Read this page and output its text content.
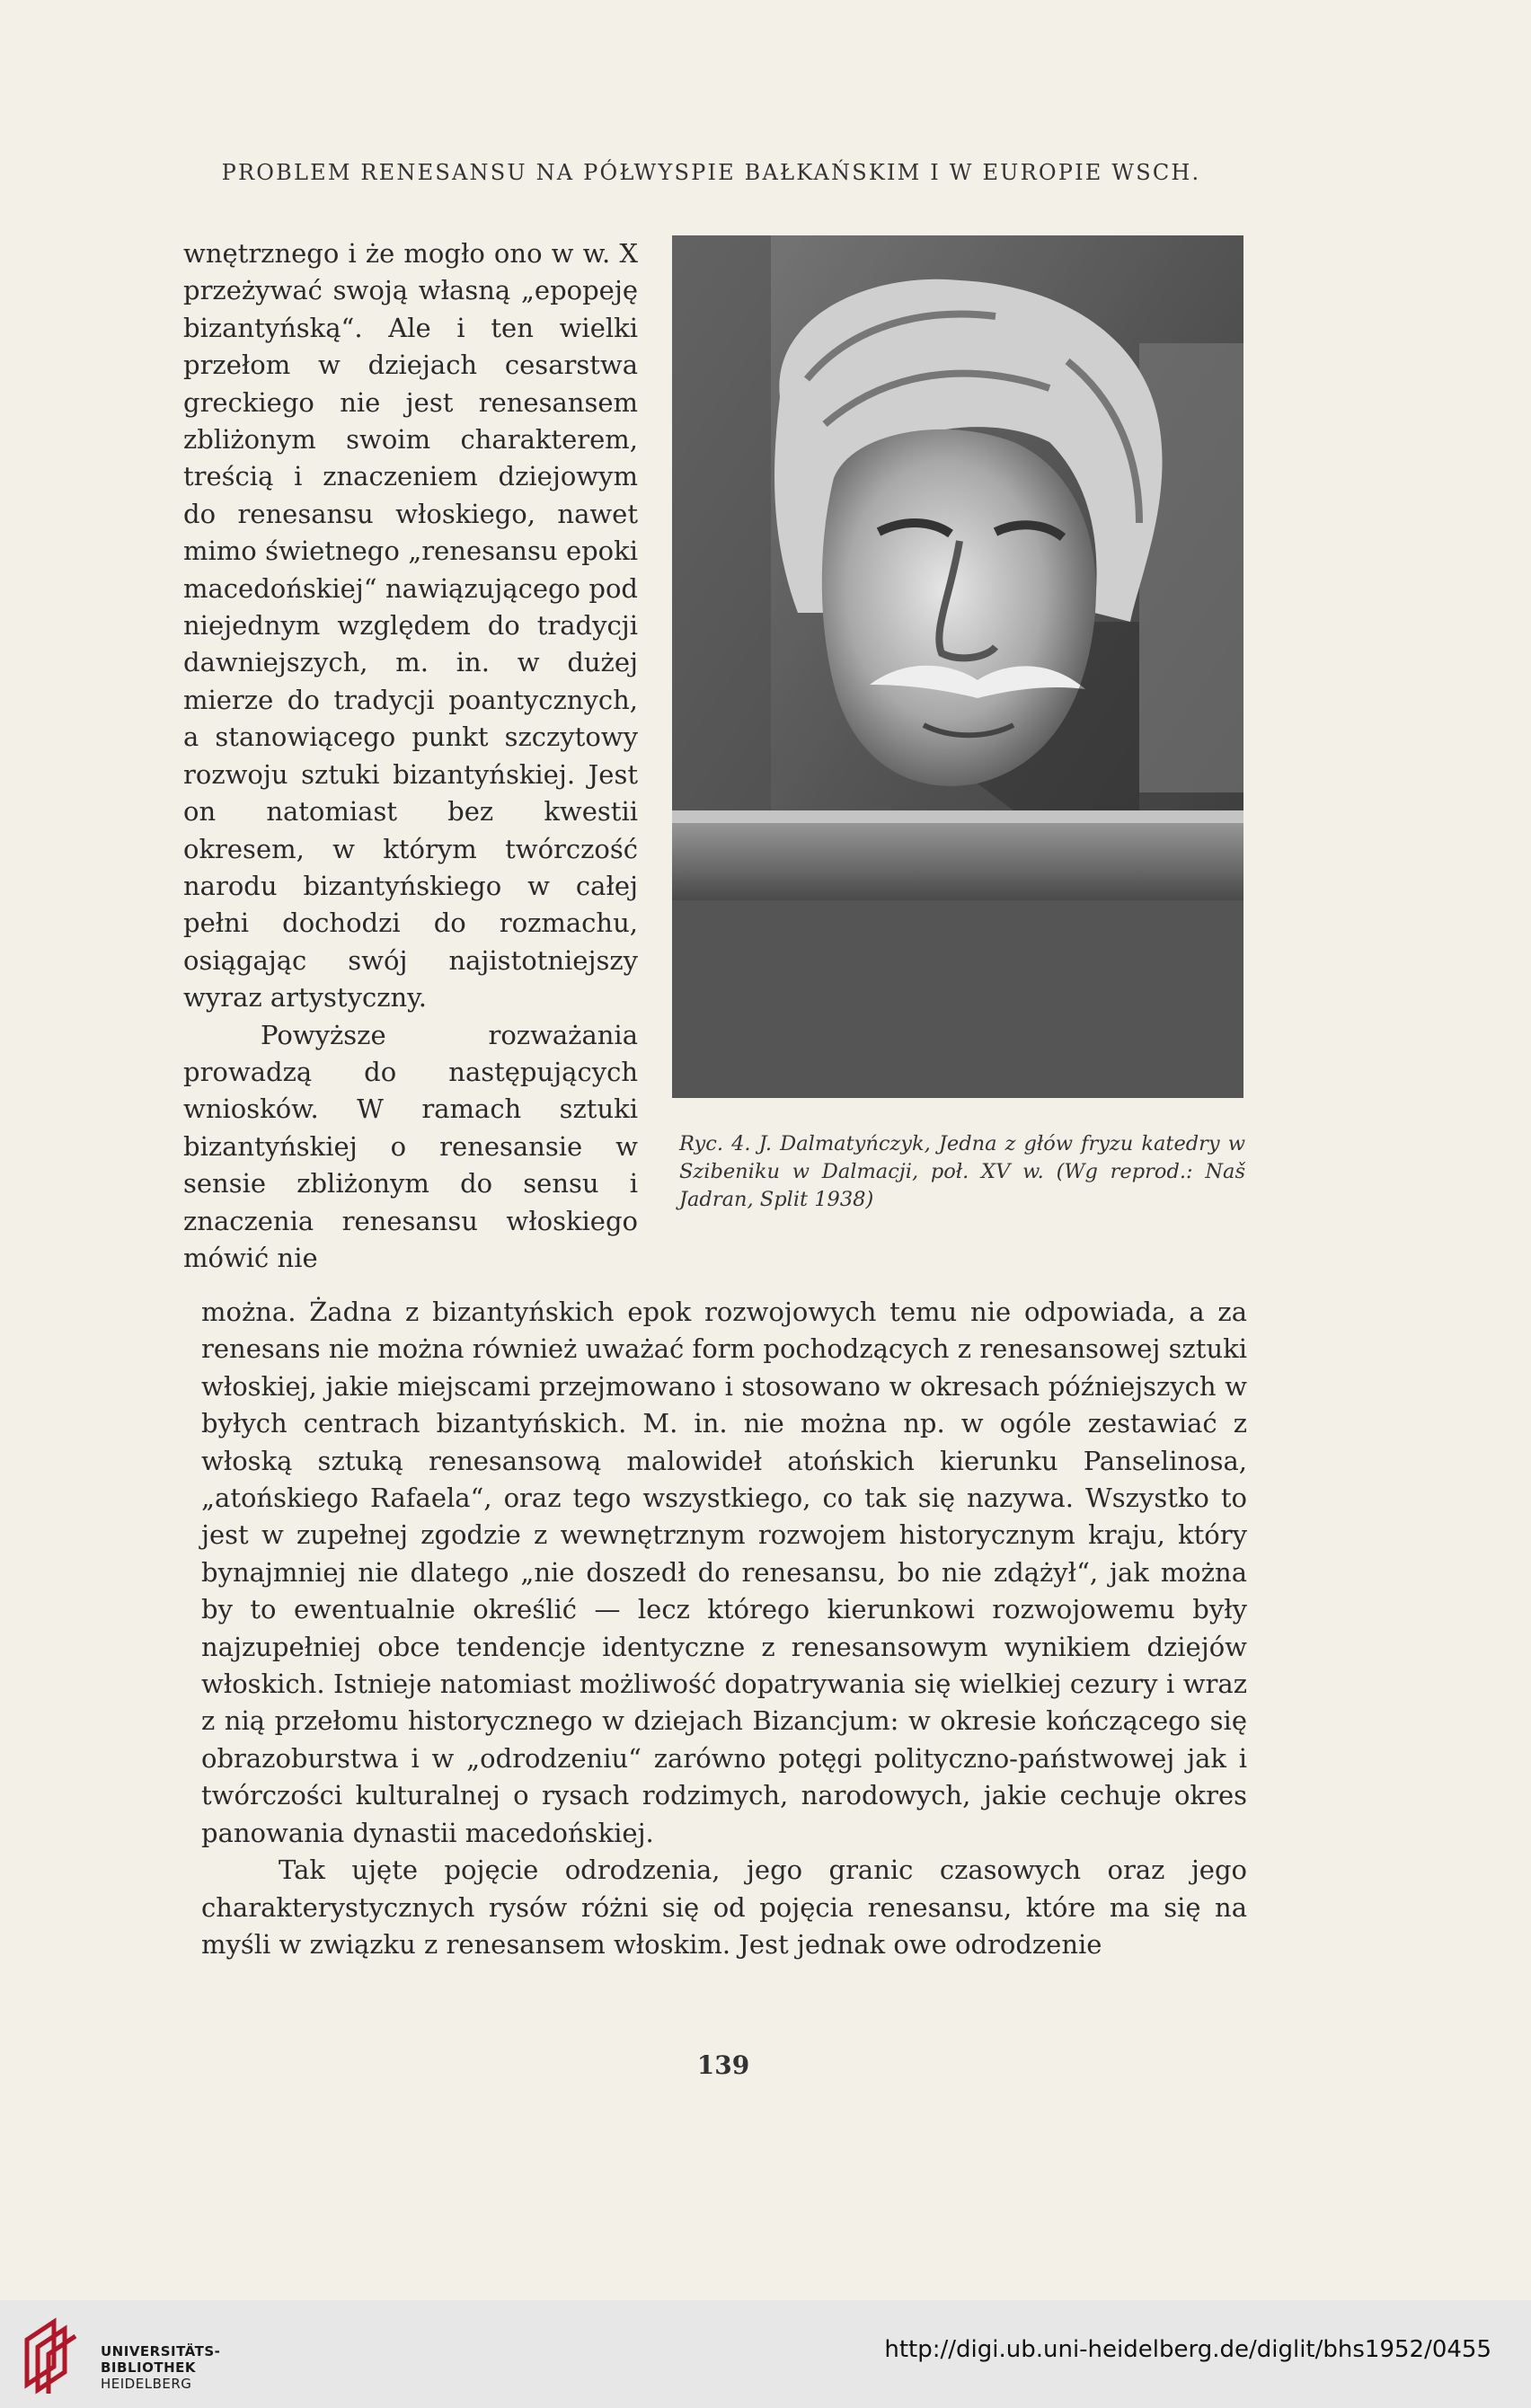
PROBLEM RENESANSU NA PÓŁWYSPIE BAŁKAŃSKIM I W EUROPIE WSCH.

wnętrznego i że mogło ono w w. X przeżywać swoją własną „epopeję bizantyńską“. Ale i ten wielki przełom w dziejach cesarstwa greckiego nie jest renesansem zbliżonym swoim charakterem, treścią i znaczeniem dziejowym do renesansu włoskiego, nawet mimo świetnego „renesansu epoki macedońskiej“ nawiązującego pod niejednym względem do tradycji dawniejszych, m. in. w dużej mierze do tradycji poantycznych, a stanowiącego punkt szczytowy rozwoju sztuki bizantyńskiej. Jest on natomiast bez kwestii okresem, w którym twórczość narodu bizantyńskiego w całej pełni dochodzi do rozmachu, osiągając swój najistotniejszy wyraz artystyczny.

Powyższe rozważania prowadzą do następujących wniosków. W ramach sztuki bizantyńskiej o renesansie w sensie zbliżonym do sensu i znaczenia renesansu włoskiego mówić nie

Ryc. 4. J. Dalmatyńczyk, Jedna z głów fryzu katedry w Szibeniku w Dalmacji, poł. XV w. (Wg reprod.: Naš Jadran, Split 1938)

można. Żadna z bizantyńskich epok rozwojowych temu nie odpowiada, a za renesans nie można również uważać form pochodzących z renesansowej sztuki włoskiej, jakie miejscami przejmowano i stosowano w okresach późniejszych w byłych centrach bizantyńskich. M. in. nie można np. w ogóle zestawiać z włoską sztuką renesansową malowideł atońskich kierunku Panselinosa, „atońskiego Rafaela“, oraz tego wszystkiego, co tak się nazywa. Wszystko to jest w zupełnej zgodzie z wewnętrznym rozwojem historycznym kraju, który bynajmniej nie dlatego „nie doszedł do renesansu, bo nie zdążył“, jak można by to ewentualnie określić — lecz którego kierunkowi rozwojowemu były najzupełniej obce tendencje identyczne z renesansowym wynikiem dziejów włoskich. Istnieje natomiast możliwość dopatrywania się wielkiej cezury i wraz z nią przełomu historycznego w dziejach Bizancjum: w okresie kończącego się obrazoburstwa i w „odrodzeniu“ zarówno potęgi polityczno-państwowej jak i twórczości kulturalnej o rysach rodzimych, narodowych, jakie cechuje okres panowania dynastii macedońskiej.

Tak ujęte pojęcie odrodzenia, jego granic czasowych oraz jego charakterystycznych rysów różni się od pojęcia renesansu, które ma się na myśli w związku z renesansem włoskim. Jest jednak owe odrodzenie

139
UNIVERSITÄTS-
BIBLIOTHEK
HEIDELBERG
http://digi.ub.uni-heidelberg.de/diglit/bhs1952/0455
